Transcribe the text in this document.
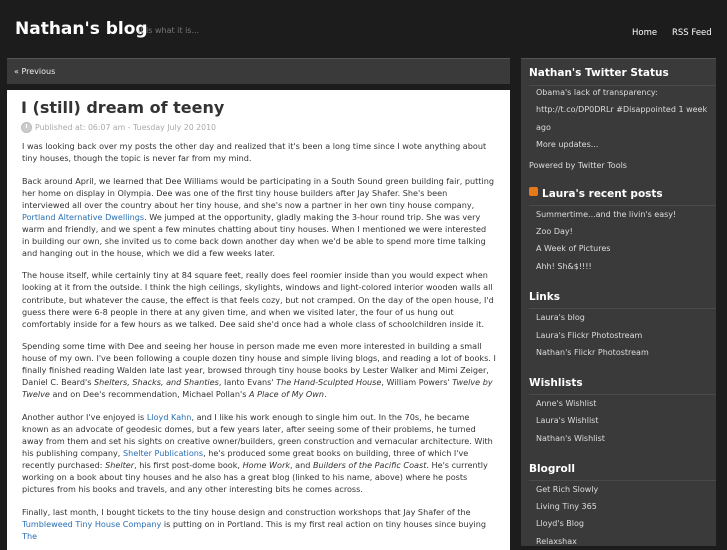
Nathan's blog
It is what it is...	Home RSS Feed
« Previous
I (still) dream of teeny
Published at: 06:07 am - Tuesday July 20 2010

I was looking back over my posts the other day and realized that it's been a long time since I wote anything about tiny houses, though the topic is never far from my mind.

Back around April, we learned that Dee Williams would be participating in a South Sound green building fair, putting her home on display in Olympia. Dee was one of the first tiny house builders after Jay Shafer. She's been interviewed all over the country about her tiny house, and she's now a partner in her own tiny house company, Portland Alternative Dwellings. We jumped at the opportunity, gladly making the 3-hour round trip. She was very warm and friendly, and we spent a few minutes chatting about tiny houses. When I mentioned we were interested in building our own, she invited us to come back down another day when we'd be able to spend more time talking and hanging out in the house, which we did a few weeks later.

The house itself, while certainly tiny at 84 square feet, really does feel roomier inside than you would expect when looking at it from the outside. I think the high ceilings, skylights, windows and light-colored interior wooden walls all contribute, but whatever the cause, the effect is that feels cozy, but not cramped. On the day of the open house, I'd guess there were 6-8 people in there at any given time, and when we visited later, the four of us hung out comfortably inside for a few hours as we talked. Dee said she'd once had a whole class of schoolchildren inside it.

Spending some time with Dee and seeing her house in person made me even more interested in building a small house of my own. I've been following a couple dozen tiny house and simple living blogs, and reading a lot of books. I finally finished reading Walden late last year, browsed through tiny house books by Lester Walker and Mimi Zeiger, Daniel C. Beard's Shelters, Shacks, and Shanties, Ianto Evans' The Hand-Sculpted House, William Powers' Twelve by Twelve and on Dee's recommendation, Michael Pollan's A Place of My Own.

Another author I've enjoyed is Lloyd Kahn, and I like his work enough to single him out. In the 70s, he became known as an advocate of geodesic domes, but a few years later, after seeing some of their problems, he turned away from them and set his sights on creative owner/builders, green construction and vernacular architecture. With his publishing company, Shelter Publications, he's produced some great books on building, three of which I've recently purchased: Shelter, his first post-dome book, Home Work, and Builders of the Pacific Coast. He's currently working on a book about tiny houses and he also has a great blog (linked to his name, above) where he posts pictures from his books and travels, and any other interesting bits he comes across.

Finally, last month, I bought tickets to the tiny house design and construction workshops that Jay Shafer of the Tumbleweed Tiny House Company is putting on in Portland. This is my first real action on tiny houses since buying The

Nathan's Twitter Status
Obama's lack of transparency:
http://t.co/DP0DRLr #Disappointed 1 week
ago
More updates...
Powered by Twitter Tools
Laura's recent posts
Summertime...and the livin's easy!
Zoo Day!
A Week of Pictures
Ahh! Sh&$!!!!
Links
Laura's blog
Laura's Flickr Photostream
Nathan's Flickr Photostream
Wishlists
Anne's Wishlist
Laura's Wishlist
Nathan's Wishlist
Blogroll
Get Rich Slowly
Living Tiny 365
Lloyd's Blog
Relaxshax
